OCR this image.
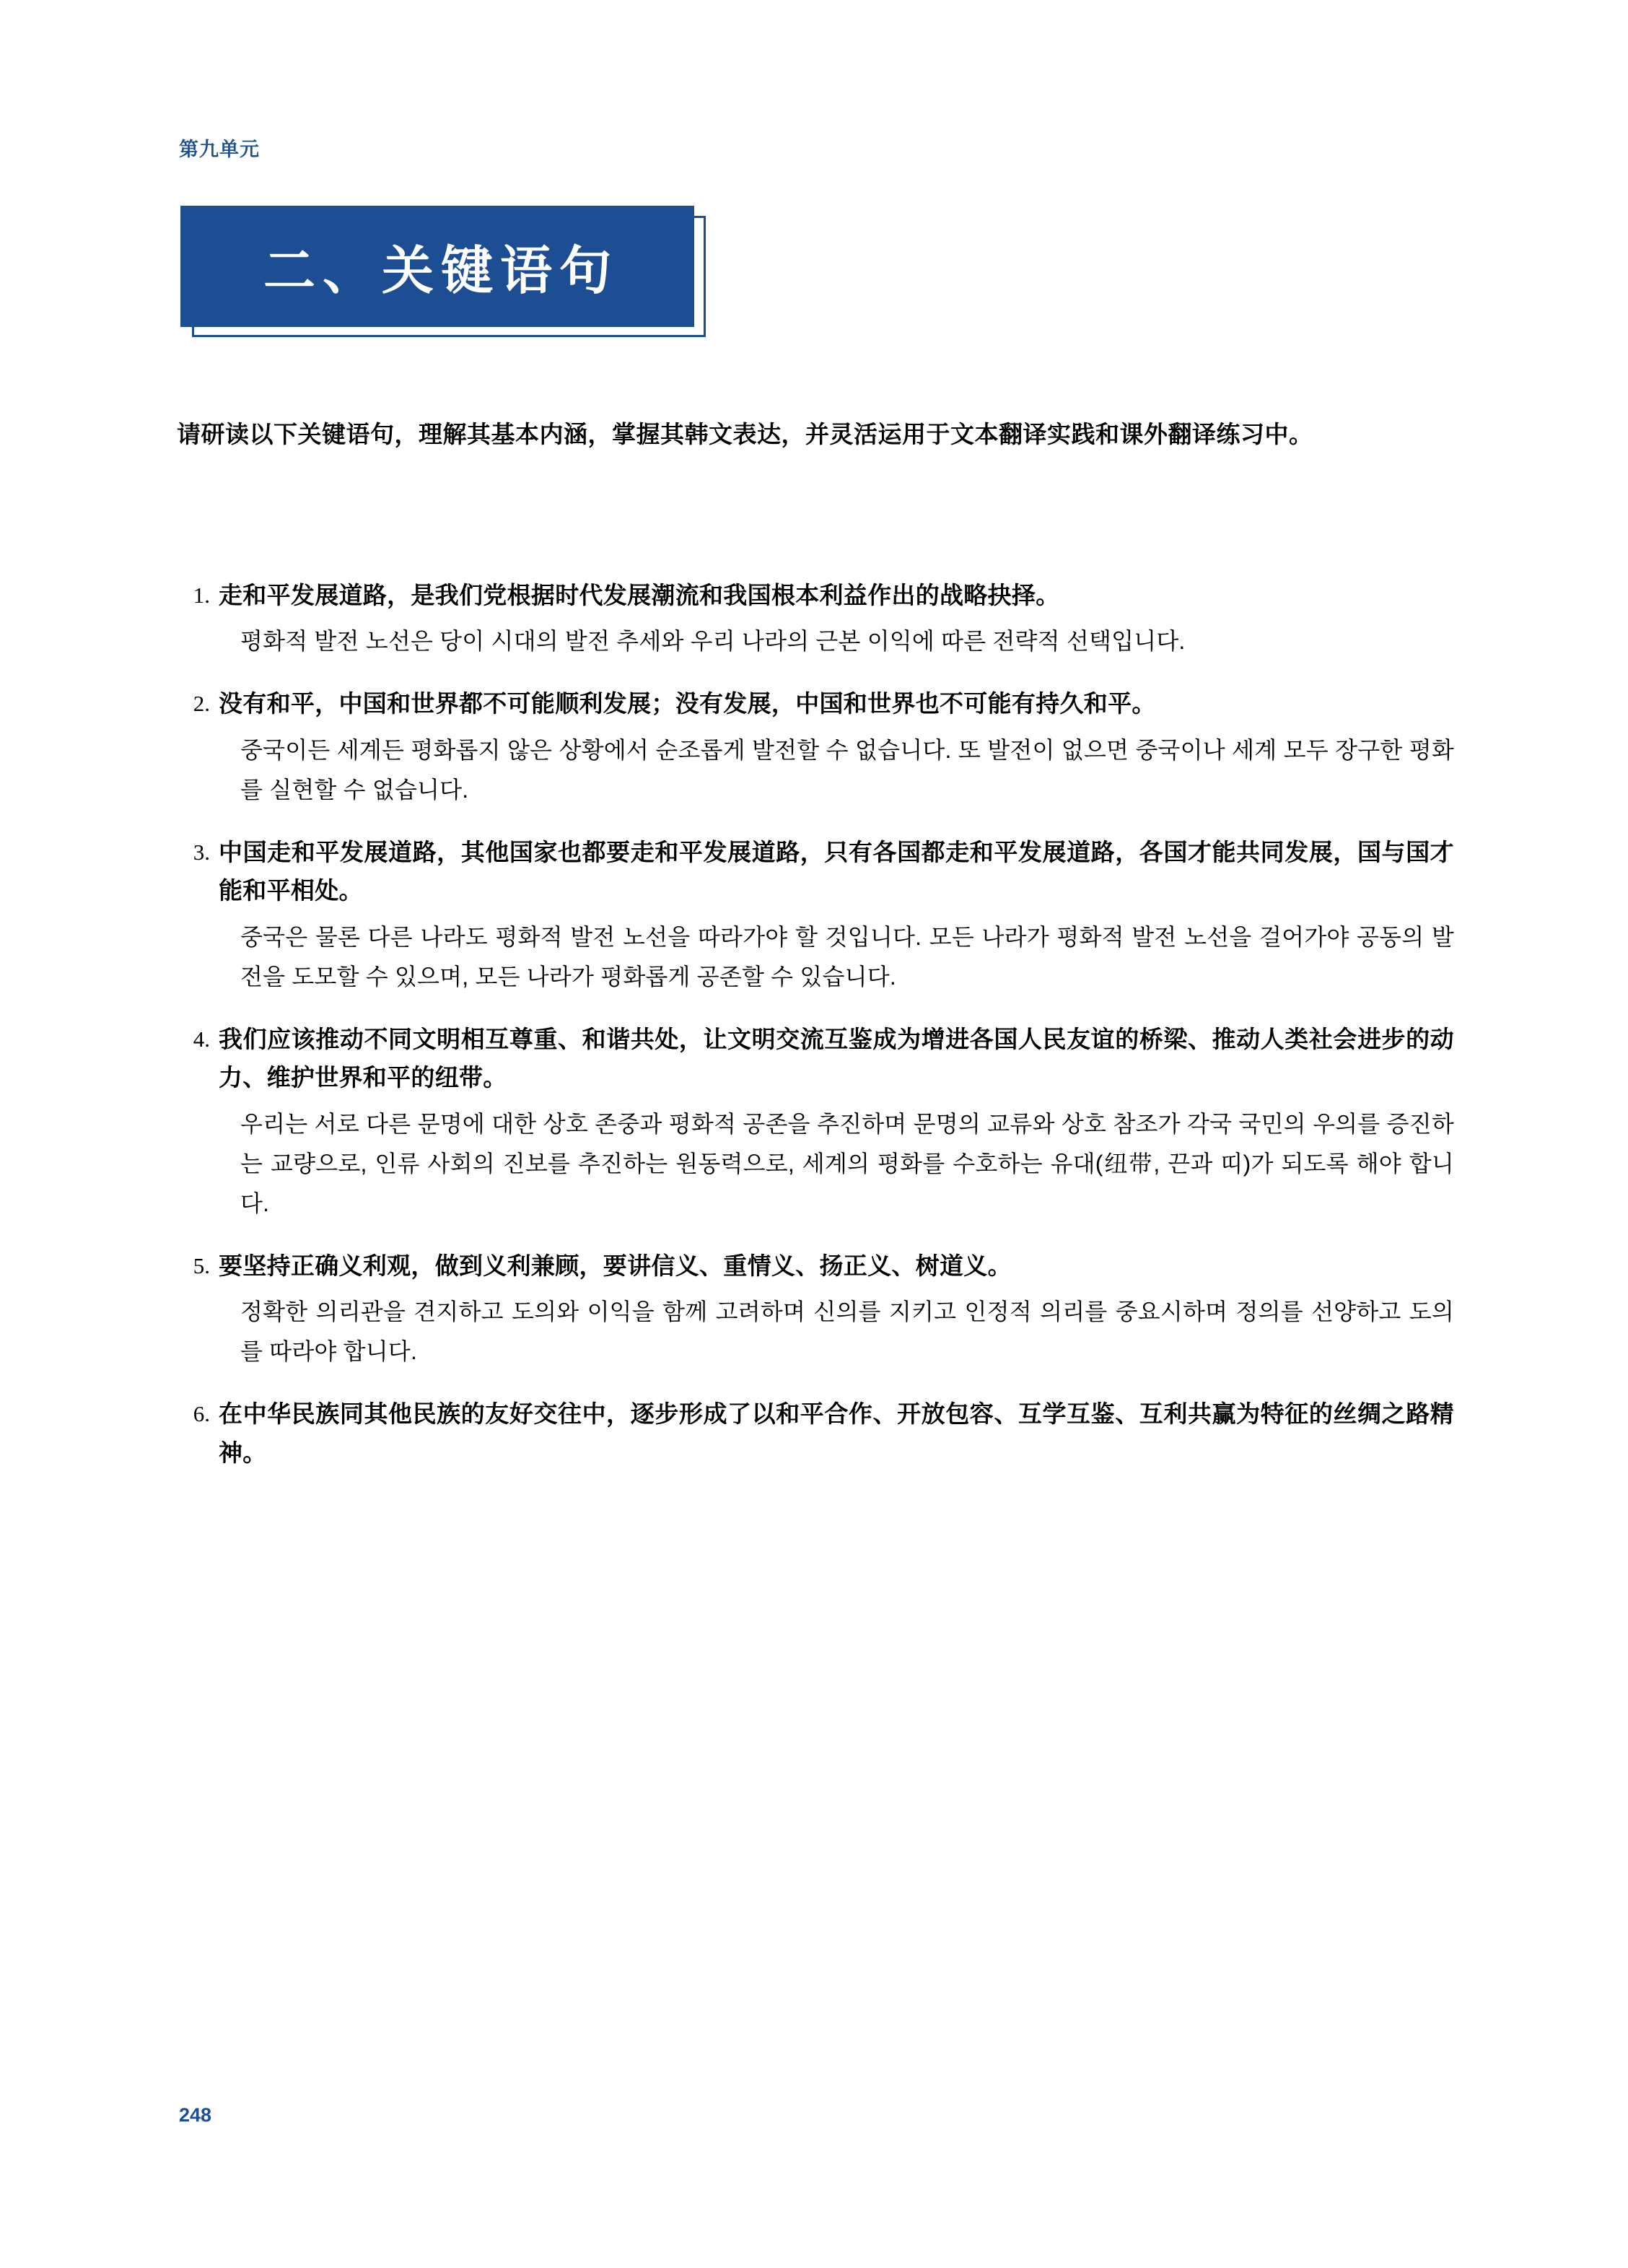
第九单元
二、关键语句
请研读以下关键语句，理解其基本内涵，掌握其韩文表达，并灵活运用于文本翻译实践和课外翻译练习中。
1. 走和平发展道路，是我们党根据时代发展潮流和我国根本利益作出的战略抉择。
평화적 발전 노선은 당이 시대의 발전 추세와 우리 나라의 근본 이익에 따른 전략적 선택입니다.
2. 没有和平，中国和世界都不可能顺利发展；没有发展，中国和世界也不可能有持久和平。
중국이든 세계든 평화롭지 않은 상황에서 순조롭게 발전할 수 없습니다. 또 발전이 없으면 중국이나 세계 모두 장구한 평화를 실현할 수 없습니다.
3. 中国走和平发展道路，其他国家也都要走和平发展道路，只有各国都走和平发展道路，各国才能共同发展，国与国才能和平相处。
중국은 물론 다른 나라도 평화적 발전 노선을 따라가야 할 것입니다. 모든 나라가 평화적 발전 노선을 걸어가야 공동의 발전을 도모할 수 있으며, 모든 나라가 평화롭게 공존할 수 있습니다.
4. 我们应该推动不同文明相互尊重、和谐共处，让文明交流互鉴成为增进各国人民友谊的桥梁、推动人类社会进步的动力、维护世界和平的纽带。
우리는 서로 다른 문명에 대한 상호 존중과 평화적 공존을 추진하며 문명의 교류와 상호 참조가 각국 국민의 우의를 증진하는 교량으로, 인류 사회의 진보를 추진하는 원동력으로, 세계의 평화를 수호하는 유대(纽带, 끈과 띠)가 되도록 해야 합니다.
5. 要坚持正确义利观，做到义利兼顾，要讲信义、重情义、扬正义、树道义。
정확한 의리관을 견지하고 도의와 이익을 함께 고려하며 신의를 지키고 인정적 의리를 중요시하며 정의를 선양하고 도의를 따라야 합니다.
6. 在中华民族同其他民族的友好交往中，逐步形成了以和平合作、开放包容、互学互鉴、互利共赢为特征的丝绸之路精神。
248
